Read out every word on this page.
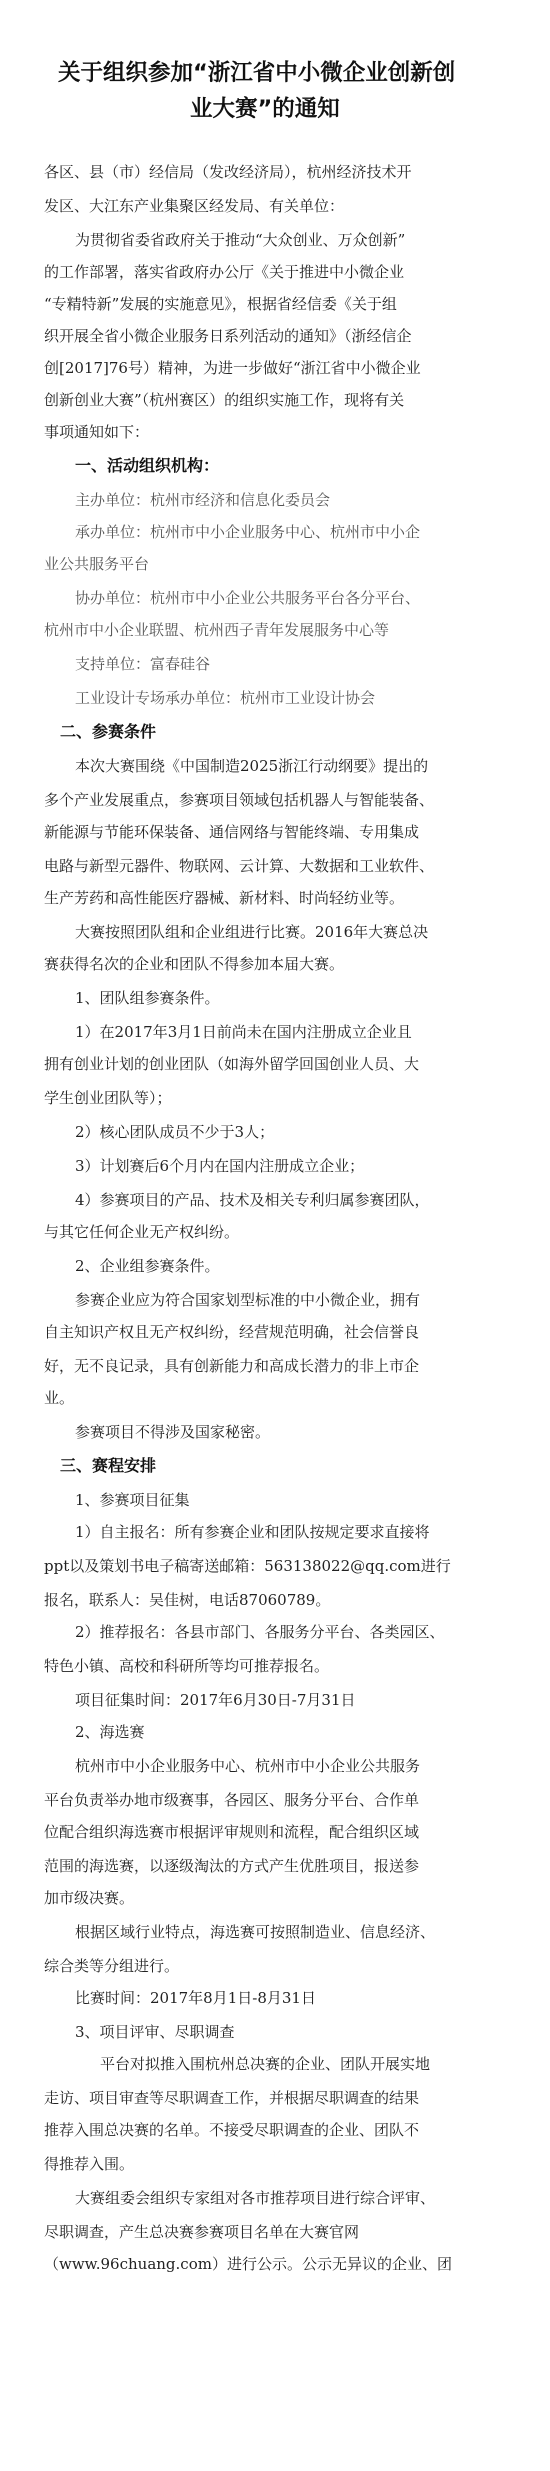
关于组织参加“浙江省中小微企业创新创
业大赛”的通知
各区、县（市）经信局（发改经济局），杭州经济技术开
发区、大江东产业集聚区经发局、有关单位：
为贯彻省委省政府关于推动“大众创业、万众创新”
的工作部署，落实省政府办公厅《关于推进中小微企业
“专精特新”发展的实施意见》，根据省经信委《关于组
织开展全省小微企业服务日系列活动的通知》（浙经信企
创[2017]76号）精神，为进一步做好“浙江省中小微企业
创新创业大赛”（杭州赛区）的组织实施工作，现将有关
事项通知如下：
一、活动组织机构：
主办单位：杭州市经济和信息化委员会
承办单位：杭州市中小企业服务中心、杭州市中小企
业公共服务平台
协办单位：杭州市中小企业公共服务平台各分平台、
杭州市中小企业联盟、杭州西子青年发展服务中心等
支持单位：富春硅谷
工业设计专场承办单位：杭州市工业设计协会
二、参赛条件
本次大赛围绕《中国制造2025浙江行动纲要》提出的
多个产业发展重点，参赛项目领域包括机器人与智能装备、
新能源与节能环保装备、通信网络与智能终端、专用集成
电路与新型元器件、物联网、云计算、大数据和工业软件、
生产芳药和高性能医疗器械、新材料、时尚轻纺业等。
大赛按照团队组和企业组进行比赛。2016年大赛总决
赛获得名次的企业和团队不得参加本届大赛。
1、团队组参赛条件。
1）在2017年3月1日前尚未在国内注册成立企业且
拥有创业计划的创业团队（如海外留学回国创业人员、大
学生创业团队等）；
2）核心团队成员不少于3人；
3）计划赛后6个月内在国内注册成立企业；
4）参赛项目的产品、技术及相关专利归属参赛团队，
与其它任何企业无产权纠纷。
2、企业组参赛条件。
参赛企业应为符合国家划型标准的中小微企业，拥有
自主知识产权且无产权纠纷，经营规范明确，社会信誉良
好，无不良记录，具有创新能力和高成长潜力的非上市企
业。
参赛项目不得涉及国家秘密。
三、赛程安排
1、参赛项目征集
1）自主报名：所有参赛企业和团队按规定要求直接将
ppt以及策划书电子稿寄送邮箱：563138022@qq.com进行
报名，联系人：吴佳树，电话87060789。
2）推荐报名：各县市部门、各服务分平台、各类园区、
特色小镇、高校和科研所等均可推荐报名。
项目征集时间：2017年6月30日-7月31日
2、海选赛
杭州市中小企业服务中心、杭州市中小企业公共服务
平台负责举办地市级赛事，各园区、服务分平台、合作单
位配合组织海选赛市根据评审规则和流程，配合组织区域
范围的海选赛，以逐级淘汰的方式产生优胜项目，报送参
加市级决赛。
根据区域行业特点，海选赛可按照制造业、信息经济、
综合类等分组进行。
比赛时间：2017年8月1日-8月31日
3、项目评审、尽职调查
平台对拟推入围杭州总决赛的企业、团队开展实地
走访、项目审查等尽职调查工作，并根据尽职调查的结果
推荐入围总决赛的名单。不接受尽职调查的企业、团队不
得推荐入围。
大赛组委会组织专家组对各市推荐项目进行综合评审、
尽职调查，产生总决赛参赛项目名单在大赛官网
（www.96chuang.com）进行公示。公示无异议的企业、团
